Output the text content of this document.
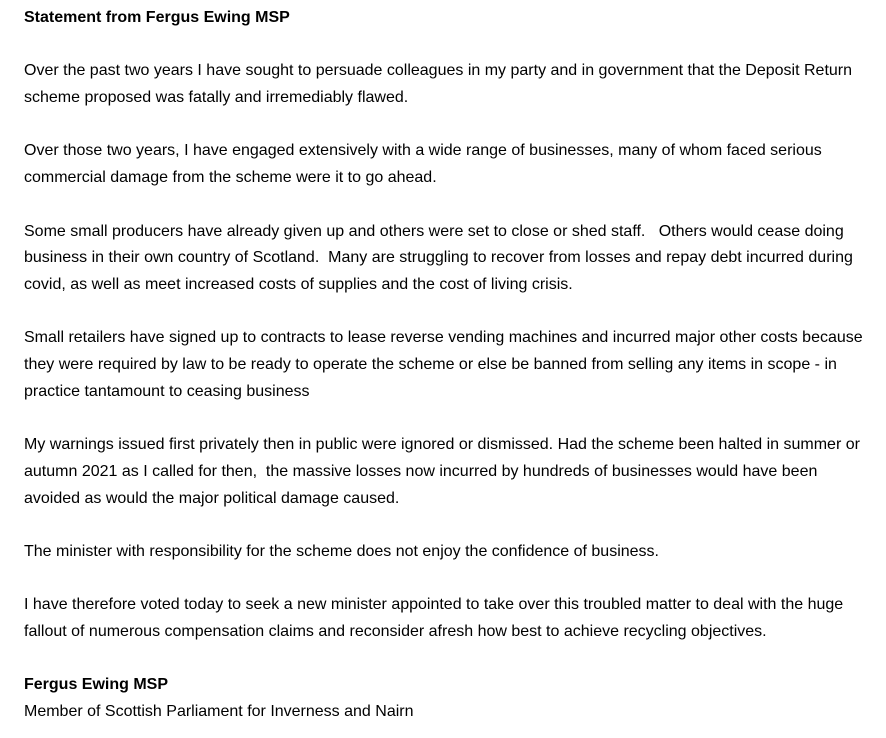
Statement from Fergus Ewing MSP

Over the past two years I have sought to persuade colleagues in my party and in government that the Deposit Return scheme proposed was fatally and irremediably flawed.

Over those two years, I have engaged extensively with a wide range of businesses, many of whom faced serious commercial damage from the scheme were it to go ahead.

Some small producers have already given up and others were set to close or shed staff.   Others would cease doing business in their own country of Scotland.  Many are struggling to recover from losses and repay debt incurred during covid, as well as meet increased costs of supplies and the cost of living crisis.

Small retailers have signed up to contracts to lease reverse vending machines and incurred major other costs because they were required by law to be ready to operate the scheme or else be banned from selling any items in scope - in practice tantamount to ceasing business

My warnings issued first privately then in public were ignored or dismissed. Had the scheme been halted in summer or autumn 2021 as I called for then,  the massive losses now incurred by hundreds of businesses would have been avoided as would the major political damage caused.

The minister with responsibility for the scheme does not enjoy the confidence of business.

I have therefore voted today to seek a new minister appointed to take over this troubled matter to deal with the huge fallout of numerous compensation claims and reconsider afresh how best to achieve recycling objectives.

Fergus Ewing MSP

Member of Scottish Parliament for Inverness and Nairn
